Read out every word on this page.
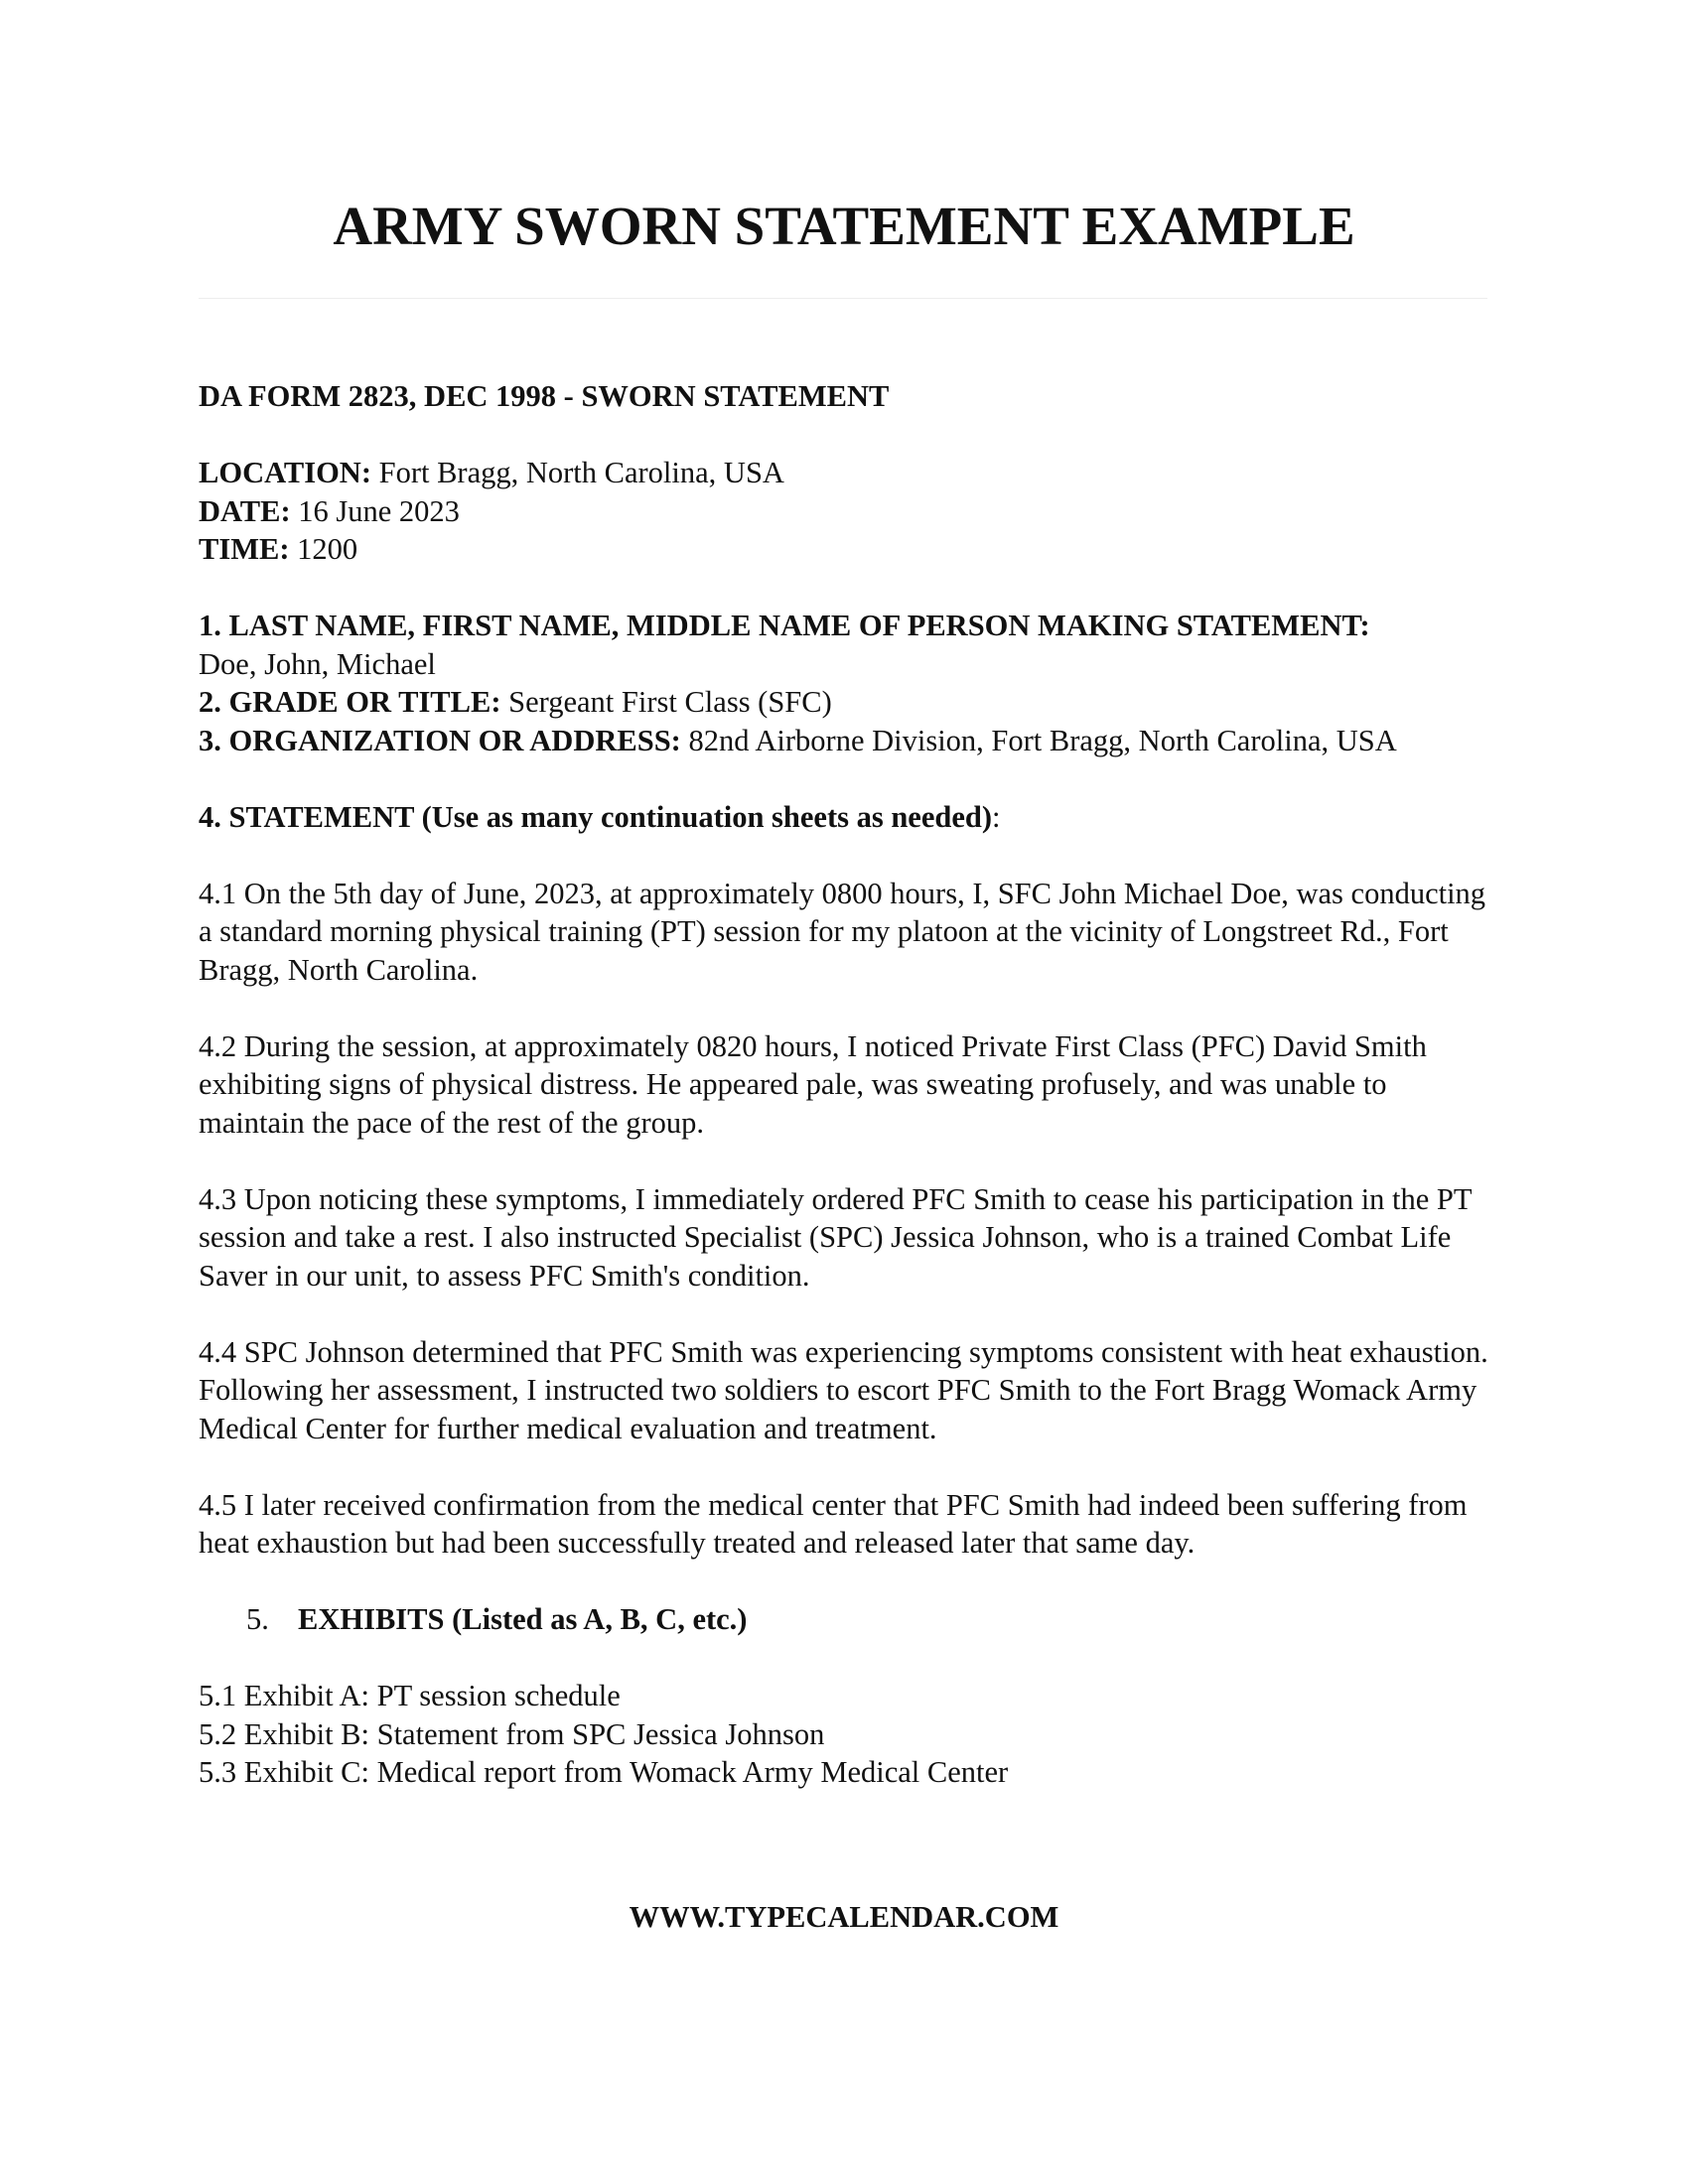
ARMY SWORN STATEMENT EXAMPLE

DA FORM 2823, DEC 1998 - SWORN STATEMENT

LOCATION: Fort Bragg, North Carolina, USA

DATE: 16 June 2023

TIME: 1200

1. LAST NAME, FIRST NAME, MIDDLE NAME OF PERSON MAKING STATEMENT:

Doe, John, Michael

2. GRADE OR TITLE: Sergeant First Class (SFC)

3. ORGANIZATION OR ADDRESS: 82nd Airborne Division, Fort Bragg, North Carolina, USA

4. STATEMENT (Use as many continuation sheets as needed):

4.1 On the 5th day of June, 2023, at approximately 0800 hours, I, SFC John Michael Doe, was conducting a standard morning physical training (PT) session for my platoon at the vicinity of Longstreet Rd., Fort Bragg, North Carolina.

4.2 During the session, at approximately 0820 hours, I noticed Private First Class (PFC) David Smith exhibiting signs of physical distress. He appeared pale, was sweating profusely, and was unable to maintain the pace of the rest of the group.

4.3 Upon noticing these symptoms, I immediately ordered PFC Smith to cease his participation in the PT session and take a rest. I also instructed Specialist (SPC) Jessica Johnson, who is a trained Combat Life Saver in our unit, to assess PFC Smith's condition.

4.4 SPC Johnson determined that PFC Smith was experiencing symptoms consistent with heat exhaustion. Following her assessment, I instructed two soldiers to escort PFC Smith to the Fort Bragg Womack Army Medical Center for further medical evaluation and treatment.

4.5 I later received confirmation from the medical center that PFC Smith had indeed been suffering from heat exhaustion but had been successfully treated and released later that same day.

5. EXHIBITS (Listed as A, B, C, etc.)

5.1 Exhibit A: PT session schedule

5.2 Exhibit B: Statement from SPC Jessica Johnson

5.3 Exhibit C: Medical report from Womack Army Medical Center

WWW.TYPECALENDAR.COM
